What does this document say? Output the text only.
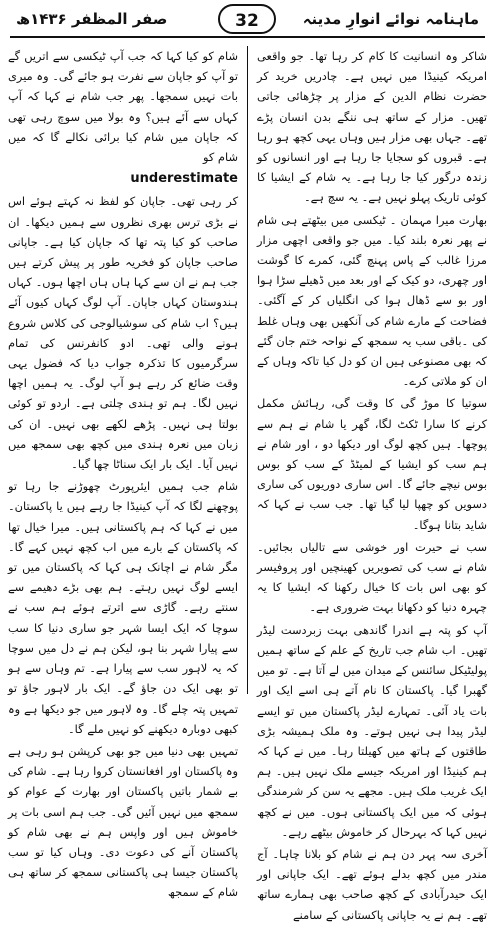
صفر المظفر ۱۴۳۶ھ	32	ماہنامہ نوائے انوارِ مدینہ

شاکر وہ انسانیت کا کام کر رہا تھا۔ جو واقعی امریکہ کینیڈا میں نہیں ہے۔ چادریں خرید کر حضرت نظام الدین کے مزار پر چڑھائی جاتی تھیں۔ مزار کے ساتھ ہی ننگے بدن انسان پڑے تھے۔ جہاں بھی مزار ہیں وہاں یہی کچھ ہو رہا ہے۔ قبروں کو سجایا جا رہا ہے اور انسانوں کو زندہ درگور کیا جا رہا ہے۔ یہ شام کے ایشیا کا کوئی تاریک پہلو نہیں ہے۔ یہ سچ ہے۔

بھارت میرا مہمان ۔ ٹیکسی میں بیٹھتے ہی شام نے پھر نعرہ بلند کیا۔ میں جو واقعی اچھی مزار مرزا غالب کے پاس پہنچ گئی، کمرے کا گوشت اور چھری، دو کیک کے اور بعد میں ڈھیلے سڑا ہوا اور بو سے ڈھال ہوا کی انگلیاں کر کے آگئی۔ فضاحت کے مارے شام کی آنکھیں بھی وہاں غلط کی ۔باقی سب یہ سمجھ کے نواحہ ختم جان گئے کہ بھی مصنوعی ہیں ان کو دل کیا تاکہ وہاں کے ان کو ملاتی کرے۔

سوتیا کا موڑ گی کا وقت گی، رہائش مکمل کرنے کا سارا ٹکٹ لگا، گھر یا شام نے ہم سے پوچھا۔ ہیں کچھ لوگ اور دیکھا دو ، اور شام نے ہم سب کو ایشیا کے لمیٹڈ کے سب کو بوس بوس نیچے جائے گا۔ اس ساری دوریوں کی ساری دسویں کو چھپا لیا گیا تھا۔ جب سب نے کہا کہ شاید بتانا ہوگا۔

سب نے حیرت اور خوشی سے تالیاں بجائیں۔ شام نے سب کی تصویریں کھینچیں اور پروفیسر کو بھی اس بات کا خیال رکھنا کہ ایشیا کا یہ چہرہ دنیا کو دکھانا بہت ضروری ہے۔

آپ کو پتہ ہے اندرا گاندھی بہت زبردست لیڈر تھیں۔ اب شام جب تاریخ کے علم کے ساتھ ہمیں پولیٹیکل سائنس کے میدان میں لے آتا ہے۔ تو میں گھبرا گیا۔ پاکستان کا نام آتے ہی اسے ایک اور بات یاد آئی۔ تمہارے لیڈر پاکستان میں تو ایسے لیڈر پیدا ہی نہیں ہوتے۔ وہ ملک ہمیشہ بڑی طاقتوں کے ہاتھ میں کھیلتا رہا۔ میں نے کہا کہ ہم کینیڈا اور امریکہ جیسے ملک نہیں ہیں۔ ہم ایک غریب ملک ہیں۔ مجھے یہ سن کر شرمندگی ہوئی کہ میں ایک پاکستانی ہوں۔ میں نے کچھ نہیں کہا کہ بہرحال کر خاموش بیٹھے رہے۔

آخری سہ پہر دن ہم نے شام کو بلانا چاہا۔ آج مندر میں کچھ بدلے ہوئے تھے۔ ایک جاپانی اور ایک حیدرآبادی کے کچھ صاحب بھی ہمارے ساتھ تھے۔ ہم نے یہ جاپانی پاکستانی کے سامنے

شام کو کیا کہا کہ جب آپ ٹیکسی سے اتریں گے تو آپ کو جاپان سے نفرت ہو جائے گی۔ وہ میری بات نہیں سمجھا۔ پھر جب شام نے کہا کہ آپ کہاں سے آئے ہیں؟ وہ بولا میں سوچ رہی تھی کہ جاپان میں شام کیا برائی نکالے گا کہ میں شام کو

underestimate

کر رہی تھی۔ جاپان کو لفظ نہ کہتے ہوئے اس نے بڑی ترس بھری نظروں سے ہمیں دیکھا۔ ان صاحب کو کیا پتہ تھا کہ جاپان کیا ہے۔ جاپانی صاحب جاپان کو فخریہ طور پر پیش کرتے ہیں جب ہم نے ان سے کہا ہاں ہاں اچھا ہوں۔ کہاں ہندوستان کہاں جاپان۔ آپ لوگ کہاں کیوں آئے ہیں؟ اب شام کی سوشیالوجی کی کلاس شروع ہونے والی تھی۔ ادو کانفرنس کی تمام سرگرمیوں کا تذکرہ جواب دیا کہ فضول یہی وقت ضائع کر رہے ہو آپ لوگ۔ یہ ہمیں اچھا نہیں لگا۔ ہم تو ہندی چلتی ہے۔ اردو تو کوئی بولتا ہی نہیں۔ پڑھے لکھے بھی نہیں۔ ان کی زبان میں نعرہ ہندی میں کچھ بھی سمجھ میں نہیں آیا۔ ایک بار ایک سناٹا چھا گیا۔

شام جب ہمیں ایئرپورٹ چھوڑنے جا رہا تو پوچھنے لگا کہ آپ کینیڈا جا رہے ہیں یا پاکستان۔ میں نے کہا کہ ہم پاکستانی ہیں۔ میرا خیال تھا کہ پاکستان کے بارے میں اب کچھ نہیں کہے گا۔ مگر شام نے اچانک ہی کہا کہ پاکستان میں تو ایسے لوگ نہیں رہتے۔ ہم بھی بڑے دھیمے سے سنتے رہے۔ گاڑی سے اترتے ہوئے ہم سب نے سوچا کہ ایک ایسا شہر جو ساری دنیا کا سب سے پیارا شہر بنا ہو، لیکن ہم نے دل میں سوچا کہ یہ لاہور سب سے پیارا ہے۔ تم وہاں سے ہو تو بھی ایک دن جاؤ گے۔ ایک بار لاہور جاؤ تو تمہیں پتہ چلے گا۔ وہ لاہور میں جو دیکھا ہے وہ کبھی دوبارہ دیکھنے کو نہیں ملے گا۔

تمہیں بھی دنیا میں جو بھی کرپشن ہو رہی ہے وہ پاکستان اور افغانستان کروا رہا ہے۔ شام کی بے شمار باتیں پاکستان اور بھارت کے عوام کو سمجھ میں نہیں آئیں گی۔ جب ہم اسی بات پر خاموش ہیں اور واپس ہم نے بھی شام کو پاکستان آنے کی دعوت دی۔ وہاں کیا تو سب پاکستان جیسا ہی پاکستانی سمجھ کر ساتھ ہی شام کے سمجھ
